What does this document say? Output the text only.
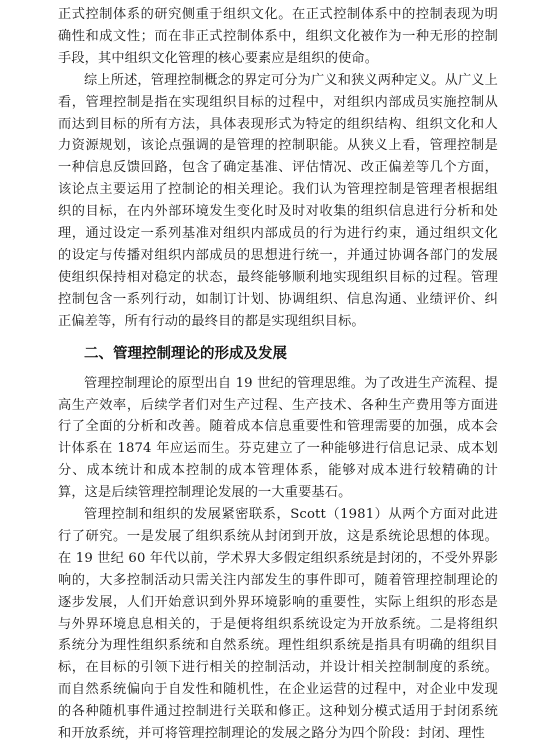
正式控制体系的研究侧重于组织文化。在正式控制体系中的控制表现为明确性和成文性；而在非正式控制体系中，组织文化被作为一种无形的控制手段，其中组织文化管理的核心要素应是组织的使命。

综上所述，管理控制概念的界定可分为广义和狭义两种定义。从广义上看，管理控制是指在实现组织目标的过程中，对组织内部成员实施控制从而达到目标的所有方法，具体表现形式为特定的组织结构、组织文化和人力资源规划，该论点强调的是管理的控制职能。从狭义上看，管理控制是一种信息反馈回路，包含了确定基准、评估情况、改正偏差等几个方面，该论点主要运用了控制论的相关理论。我们认为管理控制是管理者根据组织的目标，在内外部环境发生变化时及时对收集的组织信息进行分析和处理，通过设定一系列基准对组织内部成员的行为进行约束，通过组织文化的设定与传播对组织内部成员的思想进行统一，并通过协调各部门的发展使组织保持相对稳定的状态，最终能够顺利地实现组织目标的过程。管理控制包含一系列行动，如制订计划、协调组织、信息沟通、业绩评价、纠正偏差等，所有行动的最终目的都是实现组织目标。

二、管理控制理论的形成及发展

管理控制理论的原型出自 19 世纪的管理思维。为了改进生产流程、提高生产效率，后续学者们对生产过程、生产技术、各种生产费用等方面进行了全面的分析和改善。随着成本信息重要性和管理需要的加强，成本会计体系在 1874 年应运而生。芬克建立了一种能够进行信息记录、成本划分、成本统计和成本控制的成本管理体系，能够对成本进行较精确的计算，这是后续管理控制理论发展的一大重要基石。

管理控制和组织的发展紧密联系，Scott（1981）从两个方面对此进行了研究。一是发展了组织系统从封闭到开放，这是系统论思想的体现。在 19 世纪 60 年代以前，学术界大多假定组织系统是封闭的，不受外界影响的，大多控制活动只需关注内部发生的事件即可，随着管理控制理论的逐步发展，人们开始意识到外界环境影响的重要性，实际上组织的形态是与外界环境息息相关的，于是便将组织系统设定为开放系统。二是将组织系统分为理性组织系统和自然系统。理性组织系统是指具有明确的组织目标，在目标的引领下进行相关的控制活动，并设计相关控制制度的系统。而自然系统偏向于自发性和随机性，在企业运营的过程中，对企业中发现的各种随机事件通过控制进行关联和修正。这种划分模式适用于封闭系统和开放系统，并可将管理控制理论的发展之路分为四个阶段：封闭、理性
